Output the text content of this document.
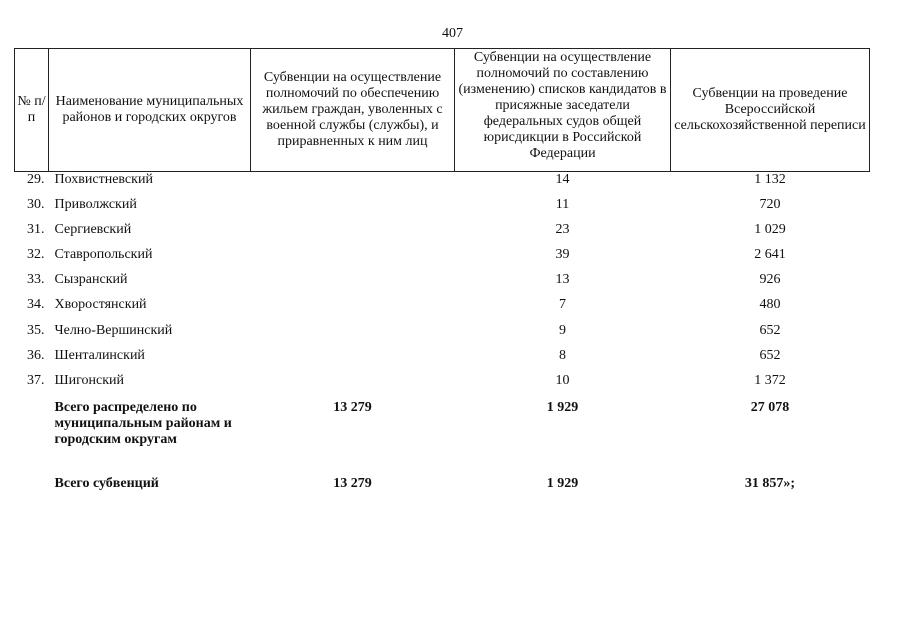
407
№ п/п	Наименование муниципальных районов и городских округов	Субвенции на осуществление полномочий по обеспечению жильем граждан, уволенных с военной службы (службы), и приравненных к ним лиц	Субвенции на осуществление полномочий по составлению (изменению) списков кандидатов в присяжные заседатели федеральных судов общей юрисдикции в Российской Федерации	Субвенции на проведение Всероссийской сельскохозяйственной переписи
29.	Похвистневский		14	1 132
30.	Приволжский		11	720
31.	Сергиевский		23	1 029
32.	Ставропольский		39	2 641
33.	Сызранский		13	926
34.	Хворостянский		7	480
35.	Челно-Вершинский		9	652
36.	Шенталинский		8	652
37.	Шигонский		10	1 372
	Всего распределено по муниципальным районам и городским округам	13 279	1 929	27 078
	Всего субвенций	13 279	1 929	31 857»;
